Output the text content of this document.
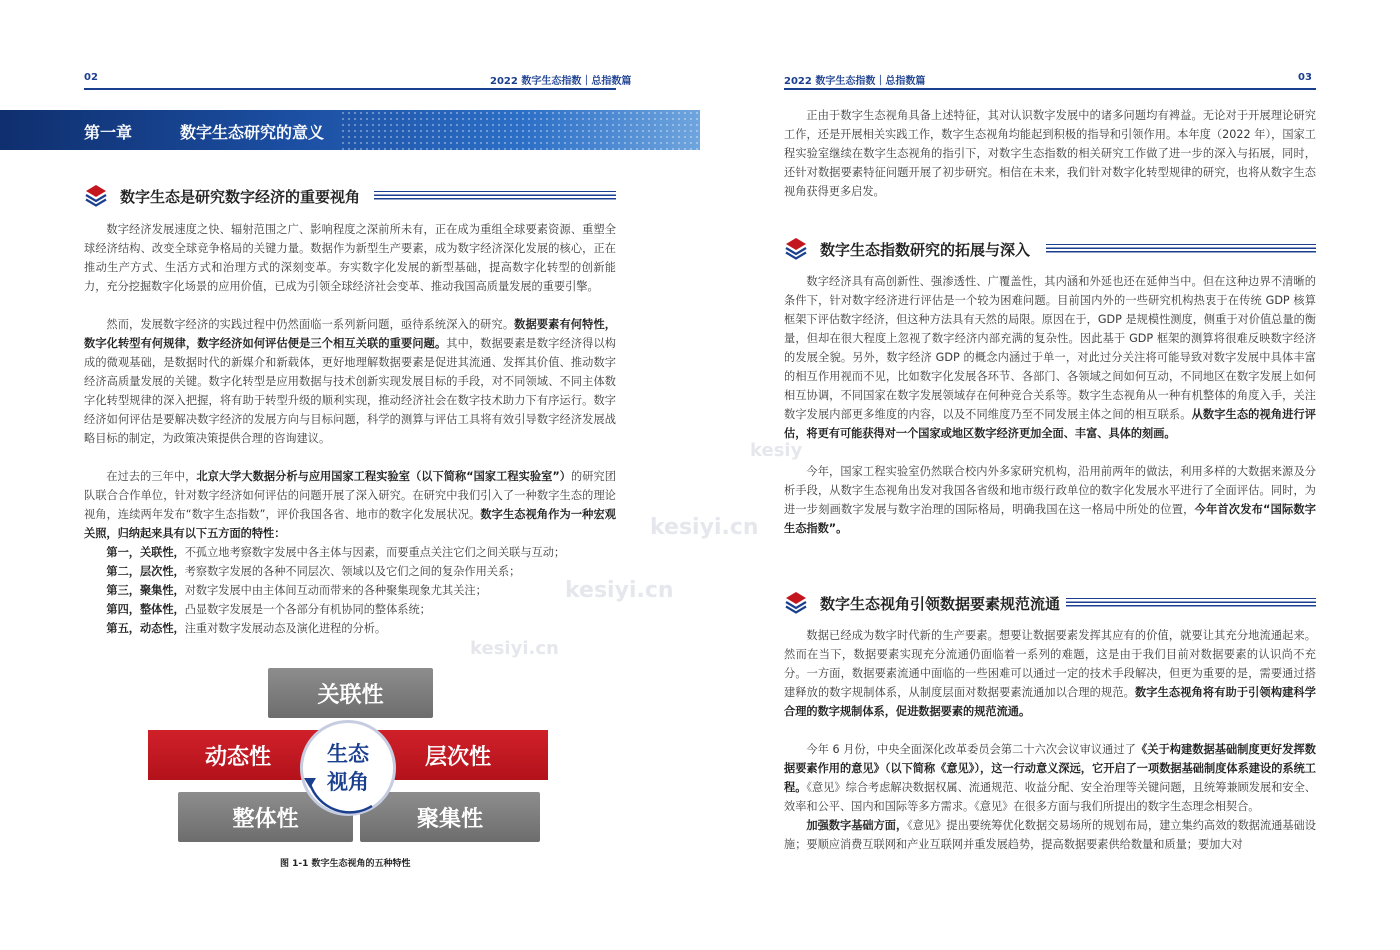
02	2022 数字生态指数｜总指数篇
第一章	数字生态研究的意义
数字生态是研究数字经济的重要视角

数字经济发展速度之快、辐射范围之广、影响程度之深前所未有，正在成为重组全球要素资源、重塑全球经济结构、改变全球竞争格局的关键力量。数据作为新型生产要素，成为数字经济深化发展的核心，正在推动生产方式、生活方式和治理方式的深刻变革。夯实数字化发展的新型基础，提高数字化转型的创新能力，充分挖掘数字化场景的应用价值，已成为引领全球经济社会变革、推动我国高质量发展的重要引擎。

然而，发展数字经济的实践过程中仍然面临一系列新问题，亟待系统深入的研究。数据要素有何特性，数字化转型有何规律，数字经济如何评估便是三个相互关联的重要问题。其中，数据要素是数字经济得以构成的微观基础，是数据时代的新媒介和新载体，更好地理解数据要素是促进其流通、发挥其价值、推动数字经济高质量发展的关键。数字化转型是应用数据与技术创新实现发展目标的手段，对不同领域、不同主体数字化转型规律的深入把握，将有助于转型升级的顺利实现，推动经济社会在数字技术助力下有序运行。数字经济如何评估是要解决数字经济的发展方向与目标问题，科学的测算与评估工具将有效引导数字经济发展战略目标的制定，为政策决策提供合理的咨询建议。

在过去的三年中，北京大学大数据分析与应用国家工程实验室（以下简称“国家工程实验室”）的研究团队联合合作单位，针对数字经济如何评估的问题开展了深入研究。在研究中我们引入了一种数字生态的理论视角，连续两年发布“数字生态指数”，评价我国各省、地市的数字化发展状况。数字生态视角作为一种宏观关照，归纳起来具有以下五方面的特性：

第一，关联性，不孤立地考察数字发展中各主体与因素，而要重点关注它们之间关联与互动；

第二，层次性，考察数字发展的各种不同层次、领域以及它们之间的复杂作用关系；

第三，聚集性，对数字发展中由主体间互动而带来的各种聚集现象尤其关注；

第四，整体性，凸显数字发展是一个各部分有机协同的整体系统；

第五，动态性，注重对数字发展动态及演化进程的分析。

关联性
动态性	层次性
整体性	聚集性
生态
视角
图 1-1 数字生态视角的五种特性
kesiyi.cn
kesiyi.cn
kesiyi.cn
2022 数字生态指数｜总指数篇	03

正由于数字生态视角具备上述特征，其对认识数字发展中的诸多问题均有裨益。无论对于开展理论研究工作，还是开展相关实践工作，数字生态视角均能起到积极的指导和引领作用。本年度（2022 年），国家工程实验室继续在数字生态视角的指引下，对数字生态指数的相关研究工作做了进一步的深入与拓展，同时，还针对数据要素特征问题开展了初步研究。相信在未来，我们针对数字化转型规律的研究，也将从数字生态视角获得更多启发。

数字生态指数研究的拓展与深入

数字经济具有高创新性、强渗透性、广覆盖性，其内涵和外延也还在延伸当中。但在这种边界不清晰的条件下，针对数字经济进行评估是一个较为困难问题。目前国内外的一些研究机构热衷于在传统 GDP 核算框架下评估数字经济，但这种方法具有天然的局限。原因在于，GDP 是规模性测度，侧重于对价值总量的衡量，但却在很大程度上忽视了数字经济内部充满的复杂性。因此基于 GDP 框架的测算将很难反映数字经济的发展全貌。另外，数字经济 GDP 的概念内涵过于单一，对此过分关注将可能导致对数字发展中具体丰富的相互作用视而不见，比如数字化发展各环节、各部门、各领域之间如何互动，不同地区在数字发展上如何相互协调，不同国家在数字发展领域存在何种竞合关系等。数字生态视角从一种有机整体的角度入手，关注数字发展内部更多维度的内容，以及不同维度乃至不同发展主体之间的相互联系。从数字生态的视角进行评估，将更有可能获得对一个国家或地区数字经济更加全面、丰富、具体的刻画。

今年，国家工程实验室仍然联合校内外多家研究机构，沿用前两年的做法，利用多样的大数据来源及分析手段，从数字生态视角出发对我国各省级和地市级行政单位的数字化发展水平进行了全面评估。同时，为进一步刻画数字发展与数字治理的国际格局，明确我国在这一格局中所处的位置，今年首次发布“国际数字生态指数”。

数字生态视角引领数据要素规范流通

数据已经成为数字时代新的生产要素。想要让数据要素发挥其应有的价值，就要让其充分地流通起来。然而在当下，数据要素实现充分流通仍面临着一系列的难题，这是由于我们目前对数据要素的认识尚不充分。一方面，数据要素流通中面临的一些困难可以通过一定的技术手段解决，但更为重要的是，需要通过搭建释放的数字规制体系，从制度层面对数据要素流通加以合理的规范。数字生态视角将有助于引领构建科学合理的数字规制体系，促进数据要素的规范流通。

今年 6 月份，中央全面深化改革委员会第二十六次会议审议通过了《关于构建数据基础制度更好发挥数据要素作用的意见》（以下简称《意见》），这一行动意义深远，它开启了一项数据基础制度体系建设的系统工程。《意见》综合考虑解决数据权属、流通规范、收益分配、安全治理等关键问题，且统筹兼顾发展和安全、效率和公平、国内和国际等多方需求。《意见》在很多方面与我们所提出的数字生态理念相契合。

加强数字基础方面，《意见》提出要统筹优化数据交易场所的规划布局，建立集约高效的数据流通基础设施；要顺应消费互联网和产业互联网并重发展趋势，提高数据要素供给数量和质量；要加大对

kesiy
